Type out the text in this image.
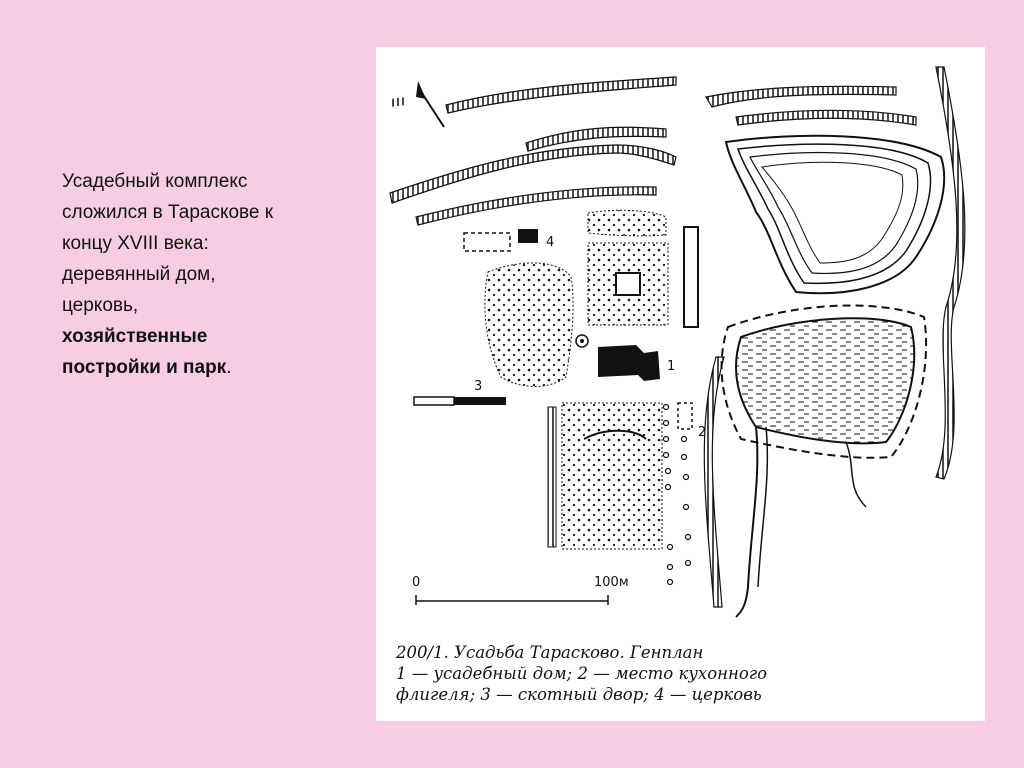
Усадебный комплекс
сложился в Тараскове к
концу XVIII века:
деревянный дом,
церковь,
хозяйственные
постройки и парк.	1
2
3
4
0	100м
200/1. Усадьба Тарасково. Генплан
1 — усадебный дом; 2 — место кухонного
флигеля; 3 — скотный двор; 4 — церковь
